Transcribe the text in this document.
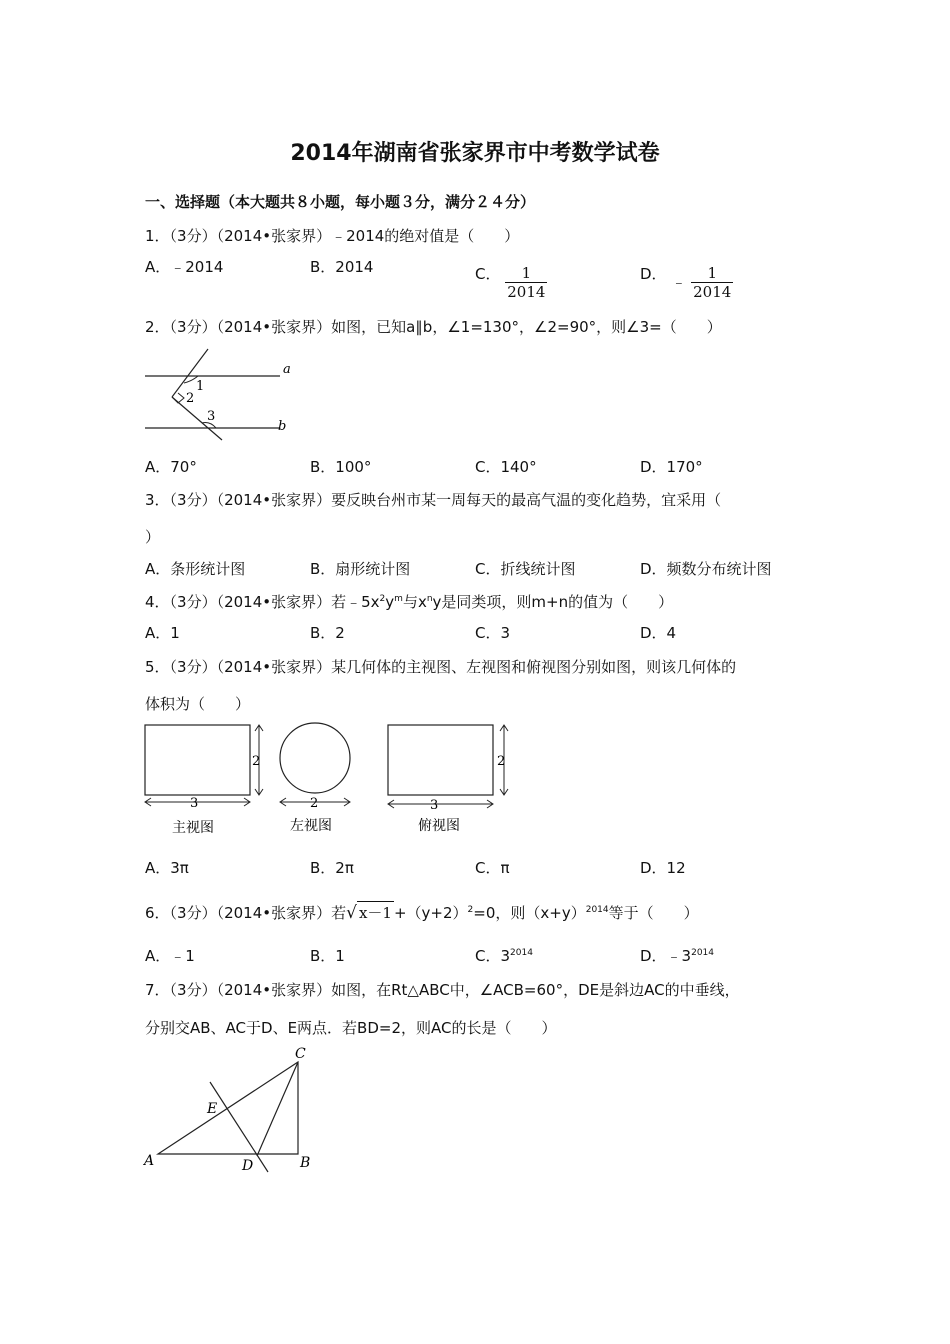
2014年湖南省张家界市中考数学试卷
一、选择题（本大题共８小题，每小题３分，满分２４分）
1．（3分）（2014•张家界）﹣2014的绝对值是（　　）
A．﹣2014	B．2014	C． $\frac{1}{2014}$	D． ﹣ $\frac{1}{2014}$
2．（3分）（2014•张家界）如图，已知a∥b，∠1=130°，∠2=90°，则∠3=（　　）
a
b
1
2
3
A．70°	B．100°	C．140°	D．170°
3．（3分）（2014•张家界）要反映台州市某一周每天的最高气温的变化趋势，宜采用（
）
A．条形统计图	B．扇形统计图	C．折线统计图	D．频数分布统计图
4．（3分）（2014•张家界）若$﹣5x^2y^m$与$x^ny$是同类项，则m+n的值为（　　）
A．1	B．2	C．3	D．4
5．（3分）（2014•张家界）某几何体的主视图、左视图和俯视图分别如图，则该几何体的
体积为（　　）
2
3
主视图
2
左视图
2
3
俯视图
A．3π	B．2π	C．π	D．12
6．（3分）（2014•张家界）若√ $x-1 +(y+2)^2=0$，则$(x+y)^{2014}$等于（　　）
A．﹣1	B．1	C．$3^{2014}$	D．$﹣3^{2014}$
7．（3分）（2014•张家界）如图，在Rt△ABC中，∠ACB=60°，DE是斜边AC的中垂线，
分别交AB、AC于D、E两点．若BD=2，则AC的长是（　　）
A	B
C
D
E
